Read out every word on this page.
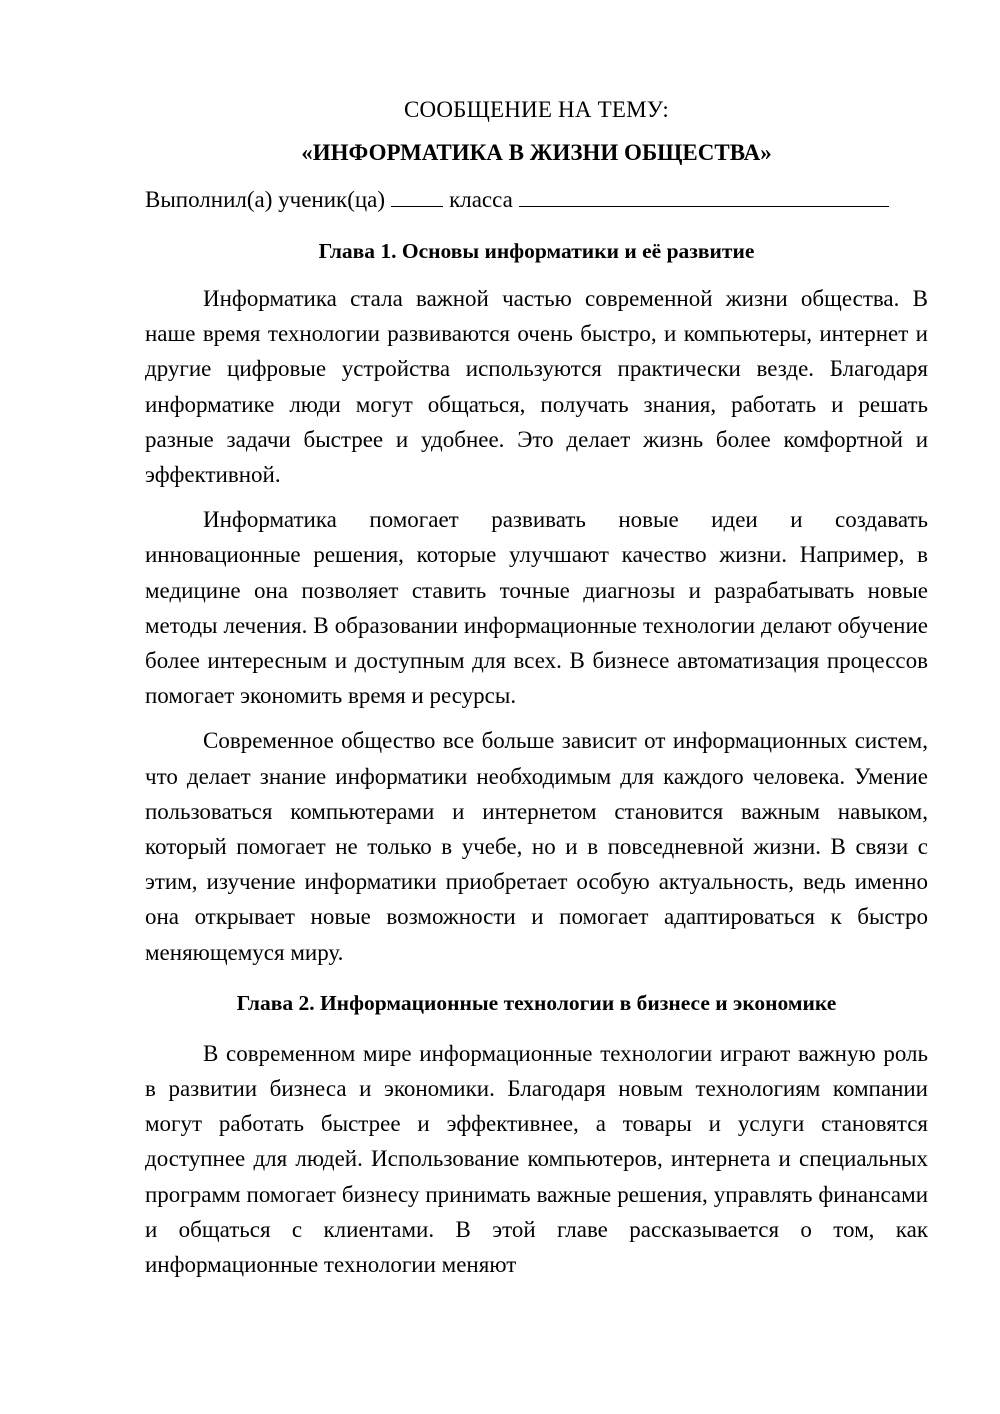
СООБЩЕНИЕ НА ТЕМУ:

«ИНФОРМАТИКА В ЖИЗНИ ОБЩЕСТВА»

Выполнил(а) ученик(ца)	класса

Глава 1. Основы информатики и её развитие

Информатика стала важной частью современной жизни общества. В наше время технологии развиваются очень быстро, и компьютеры, интернет и другие цифровые устройства используются практически везде. Благодаря информатике люди могут общаться, получать знания, работать и решать разные задачи быстрее и удобнее. Это делает жизнь более комфортной и эффективной.

Информатика помогает развивать новые идеи и создавать инновационные решения, которые улучшают качество жизни. Например, в медицине она позволяет ставить точные диагнозы и разрабатывать новые методы лечения. В образовании информационные технологии делают обучение более интересным и доступным для всех. В бизнесе автоматизация процессов помогает экономить время и ресурсы.

Современное общество все больше зависит от информационных систем, что делает знание информатики необходимым для каждого человека. Умение пользоваться компьютерами и интернетом становится важным навыком, который помогает не только в учебе, но и в повседневной жизни. В связи с этим, изучение информатики приобретает особую актуальность, ведь именно она открывает новые возможности и помогает адаптироваться к быстро меняющемуся миру.

Глава 2. Информационные технологии в бизнесе и экономике

В современном мире информационные технологии играют важную роль в развитии бизнеса и экономики. Благодаря новым технологиям компании могут работать быстрее и эффективнее, а товары и услуги становятся доступнее для людей. Использование компьютеров, интернета и специальных программ помогает бизнесу принимать важные решения, управлять финансами и общаться с клиентами. В этой главе рассказывается о том, как информационные технологии меняют
